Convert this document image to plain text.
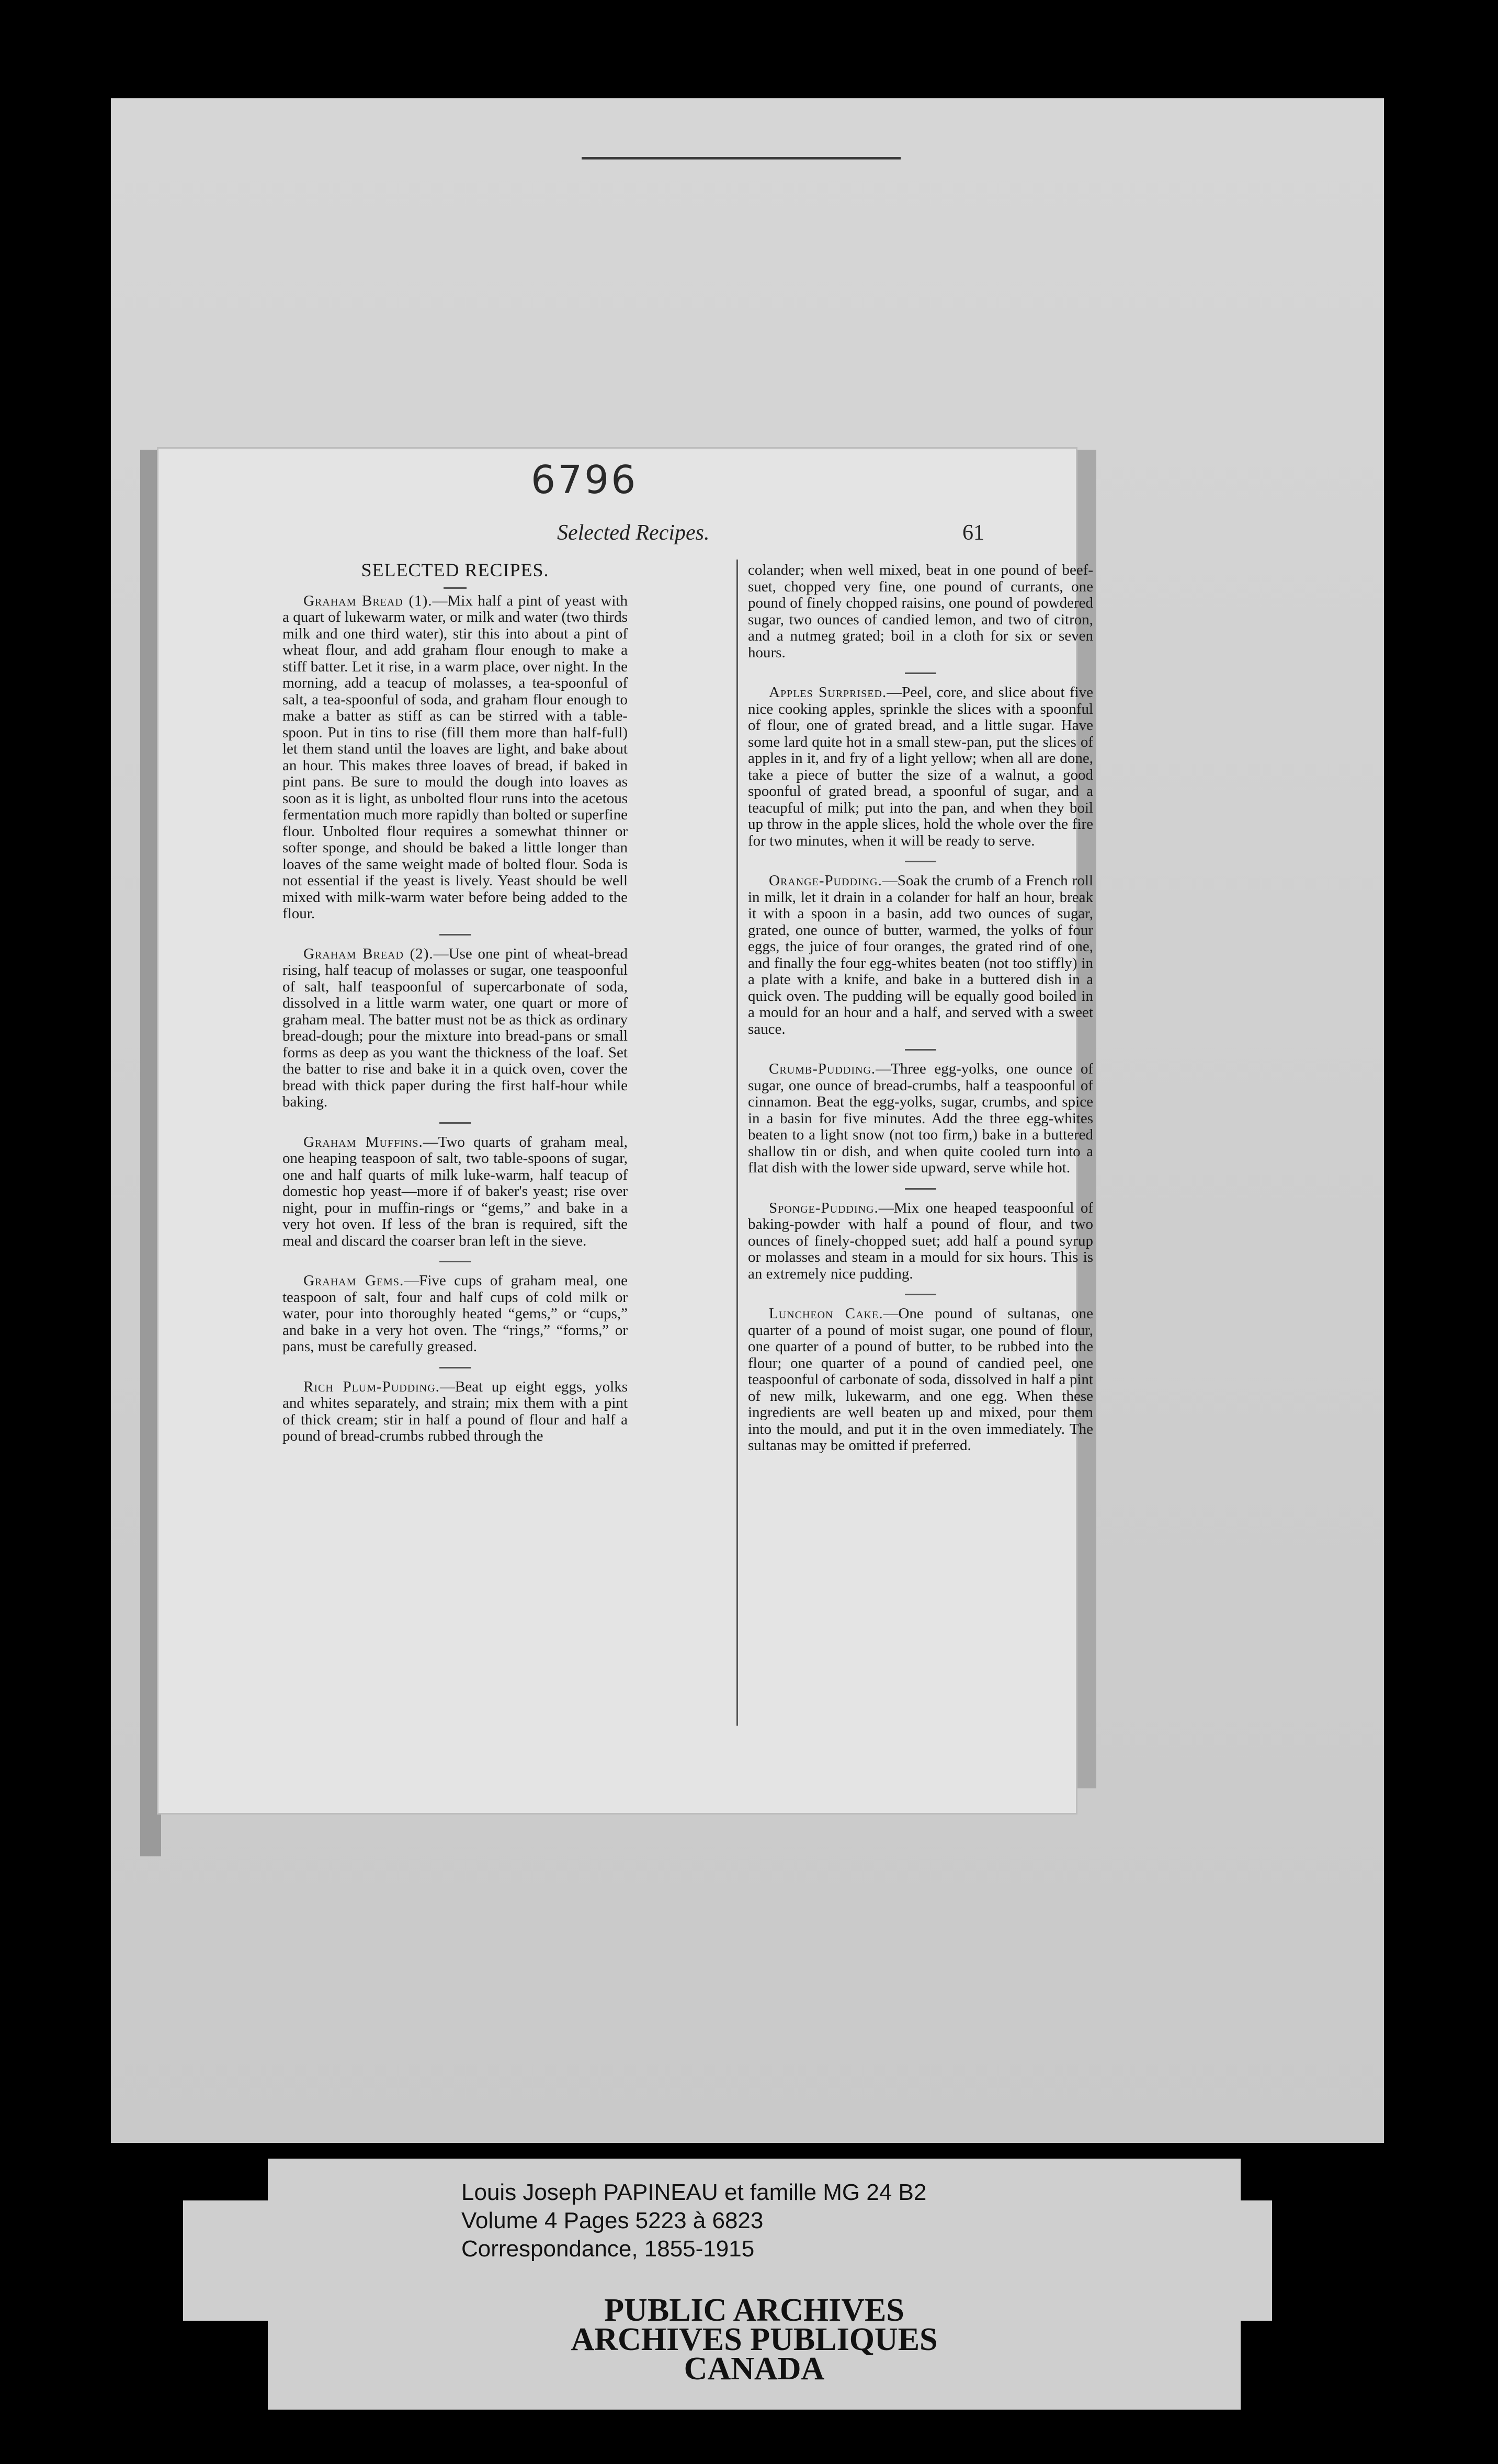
6796
Selected Recipes.	61
SELECTED RECIPES.

Graham Bread (1).—Mix half a pint of yeast with a quart of lukewarm water, or milk and water (two thirds milk and one third water), stir this into about a pint of wheat flour, and add graham flour enough to make a stiff batter. Let it rise, in a warm place, over night. In the morning, add a teacup of molasses, a tea-spoonful of salt, a tea-spoonful of soda, and graham flour enough to make a batter as stiff as can be stirred with a table-spoon. Put in tins to rise (fill them more than half-full) let them stand until the loaves are light, and bake about an hour. This makes three loaves of bread, if baked in pint pans. Be sure to mould the dough into loaves as soon as it is light, as unbolted flour runs into the acetous fermentation much more rapidly than bolted or superfine flour. Unbolted flour requires a somewhat thinner or softer sponge, and should be baked a little longer than loaves of the same weight made of bolted flour. Soda is not essential if the yeast is lively. Yeast should be well mixed with milk-warm water before being added to the flour.

Graham Bread (2).—Use one pint of wheat-bread rising, half teacup of molasses or sugar, one teaspoonful of salt, half teaspoonful of supercarbonate of soda, dissolved in a little warm water, one quart or more of graham meal. The batter must not be as thick as ordinary bread-dough; pour the mixture into bread-pans or small forms as deep as you want the thickness of the loaf. Set the batter to rise and bake it in a quick oven, cover the bread with thick paper during the first half-hour while baking.

Graham Muffins.—Two quarts of graham meal, one heaping teaspoon of salt, two table-spoons of sugar, one and half quarts of milk luke-warm, half teacup of domestic hop yeast—more if of baker's yeast; rise over night, pour in muffin-rings or “gems,” and bake in a very hot oven. If less of the bran is required, sift the meal and discard the coarser bran left in the sieve.

Graham Gems.—Five cups of graham meal, one teaspoon of salt, four and half cups of cold milk or water, pour into thoroughly heated “gems,” or “cups,” and bake in a very hot oven. The “rings,” “forms,” or pans, must be carefully greased.

Rich Plum-Pudding.—Beat up eight eggs, yolks and whites separately, and strain; mix them with a pint of thick cream; stir in half a pound of flour and half a pound of bread-crumbs rubbed through the

colander; when well mixed, beat in one pound of beef-suet, chopped very fine, one pound of currants, one pound of finely chopped raisins, one pound of powdered sugar, two ounces of candied lemon, and two of citron, and a nutmeg grated; boil in a cloth for six or seven hours.

Apples Surprised.—Peel, core, and slice about five nice cooking apples, sprinkle the slices with a spoonful of flour, one of grated bread, and a little sugar. Have some lard quite hot in a small stew-pan, put the slices of apples in it, and fry of a light yellow; when all are done, take a piece of butter the size of a walnut, a good spoonful of grated bread, a spoonful of sugar, and a teacupful of milk; put into the pan, and when they boil up throw in the apple slices, hold the whole over the fire for two minutes, when it will be ready to serve.

Orange-Pudding.—Soak the crumb of a French roll in milk, let it drain in a colander for half an hour, break it with a spoon in a basin, add two ounces of sugar, grated, one ounce of butter, warmed, the yolks of four eggs, the juice of four oranges, the grated rind of one, and finally the four egg-whites beaten (not too stiffly) in a plate with a knife, and bake in a buttered dish in a quick oven. The pudding will be equally good boiled in a mould for an hour and a half, and served with a sweet sauce.

Crumb-Pudding.—Three egg-yolks, one ounce of sugar, one ounce of bread-crumbs, half a teaspoonful of cinnamon. Beat the egg-yolks, sugar, crumbs, and spice in a basin for five minutes. Add the three egg-whites beaten to a light snow (not too firm,) bake in a buttered shallow tin or dish, and when quite cooled turn into a flat dish with the lower side upward, serve while hot.

Sponge-Pudding.—Mix one heaped teaspoonful of baking-powder with half a pound of flour, and two ounces of finely-chopped suet; add half a pound syrup or molasses and steam in a mould for six hours. This is an extremely nice pudding.

Luncheon Cake.—One pound of sultanas, one quarter of a pound of moist sugar, one pound of flour, one quarter of a pound of butter, to be rubbed into the flour; one quarter of a pound of candied peel, one teaspoonful of carbonate of soda, dissolved in half a pint of new milk, lukewarm, and one egg. When these ingredients are well beaten up and mixed, pour them into the mould, and put it in the oven immediately. The sultanas may be omitted if preferred.

Louis Joseph PAPINEAU et famille MG 24 B2
Volume 4 Pages 5223 à 6823
Correspondance, 1855-1915
PUBLIC ARCHIVES
ARCHIVES PUBLIQUES
CANADA
